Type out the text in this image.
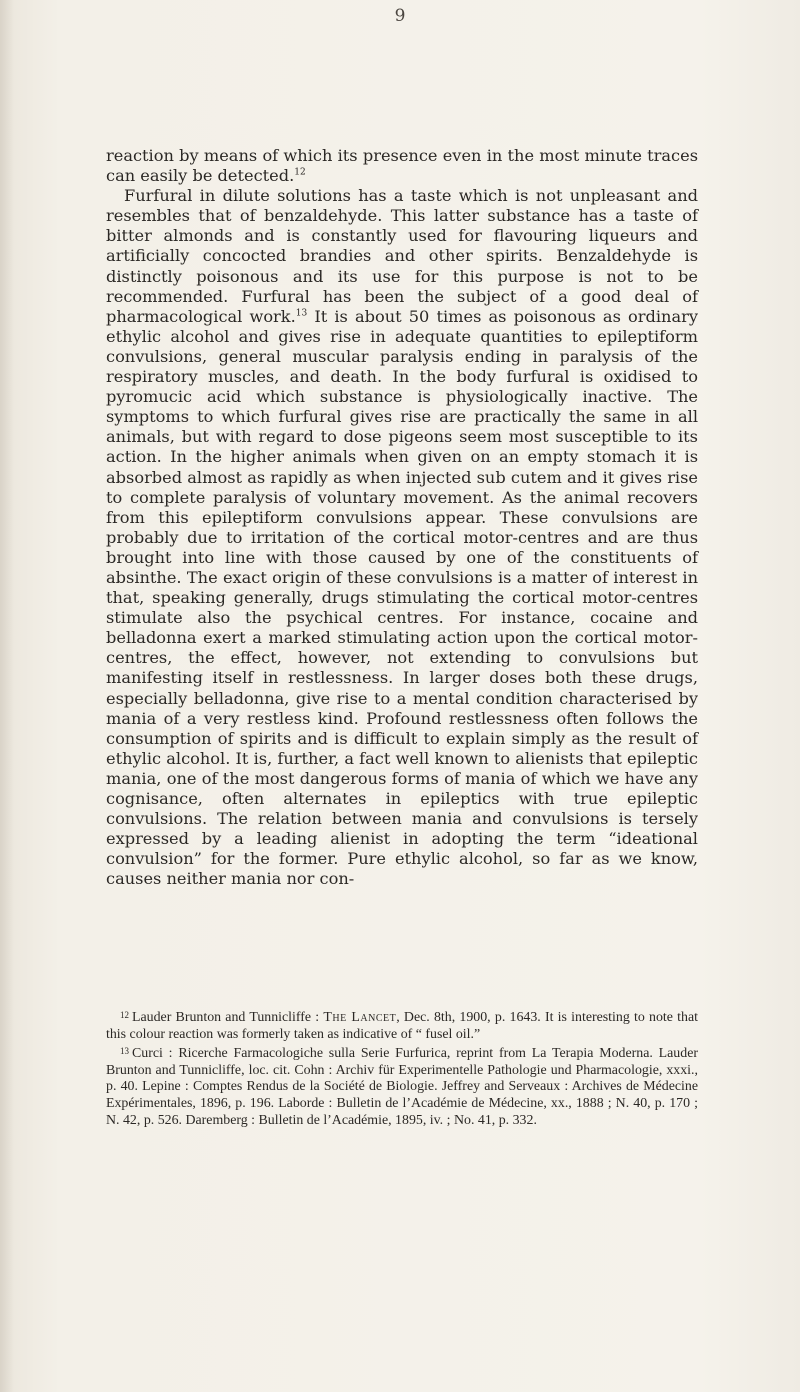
9

reaction by means of which its presence even in the most minute traces can easily be detected.$^{12}$

Furfural in dilute solutions has a taste which is not unpleasant and resembles that of benzaldehyde. This latter substance has a taste of bitter almonds and is constantly used for flavouring liqueurs and artificially concocted brandies and other spirits. Benzaldehyde is distinctly poisonous and its use for this purpose is not to be recommended. Furfural has been the subject of a good deal of pharmacological work.$^{13}$ It is about 50 times as poisonous as ordinary ethylic alcohol and gives rise in adequate quantities to epileptiform convulsions, general muscular paralysis ending in paralysis of the respiratory muscles, and death. In the body furfural is oxidised to pyromucic acid which substance is physiologically inactive. The symptoms to which furfural gives rise are practically the same in all animals, but with regard to dose pigeons seem most susceptible to its action. In the higher animals when given on an empty stomach it is absorbed almost as rapidly as when injected sub cutem and it gives rise to complete paralysis of voluntary movement. As the animal recovers from this epileptiform convulsions appear. These convulsions are probably due to irritation of the cortical motor-centres and are thus brought into line with those caused by one of the constituents of absinthe. The exact origin of these convulsions is a matter of interest in that, speaking generally, drugs stimulating the cortical motor-centres stimulate also the psychical centres. For instance, cocaine and belladonna exert a marked stimulating action upon the cortical motor-centres, the effect, however, not extending to convulsions but manifesting itself in restlessness. In larger doses both these drugs, especially belladonna, give rise to a mental condition characterised by mania of a very restless kind. Profound restlessness often follows the consumption of spirits and is difficult to explain simply as the result of ethylic alcohol. It is, further, a fact well known to alienists that epileptic mania, one of the most dangerous forms of mania of which we have any cognisance, often alternates in epileptics with true epileptic convulsions. The relation between mania and convulsions is tersely expressed by a leading alienist in adopting the term “ideational convulsion” for the former. Pure ethylic alcohol, so far as we know, causes neither mania nor con-

$^{12}$ Lauder Brunton and Tunnicliffe : The Lancet, Dec. 8th, 1900, p. 1643. It is interesting to note that this colour reaction was formerly taken as indicative of “ fusel oil.”

$^{13}$ Curci : Ricerche Farmacologiche sulla Serie Furfurica, reprint from La Terapia Moderna. Lauder Brunton and Tunnicliffe, loc. cit. Cohn : Archiv für Experimentelle Pathologie und Pharmacologie, xxxi., p. 40. Lepine : Comptes Rendus de la Société de Biologie. Jeffrey and Serveaux : Archives de Médecine Expérimentales, 1896, p. 196. Laborde : Bulletin de l’Académie de Médecine, xx., 1888 ; N. 40, p. 170 ; N. 42, p. 526. Daremberg : Bulletin de l’Académie, 1895, iv. ; No. 41, p. 332.
